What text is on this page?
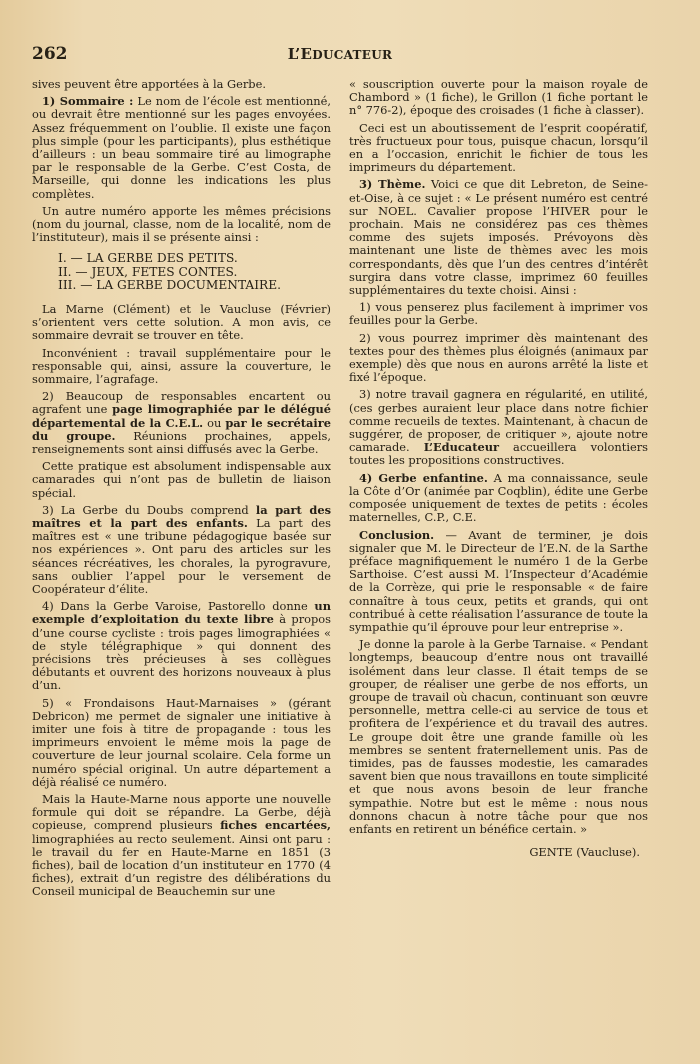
262	L’EDUCATEUR

sives peuvent être apportées à la Gerbe.

1) Sommaire : Le nom de l’école est mentionné, ou devrait être mentionné sur les pages envoyées. Assez fréquemment on l’oublie. Il existe une façon plus simple (pour les participants), plus esthétique d’ailleurs : un beau sommaire tiré au limographe par le responsable de la Gerbe. C’est Costa, de Marseille, qui donne les indications les plus complètes.

Un autre numéro apporte les mêmes précisions (nom du journal, classe, nom de la localité, nom de l’instituteur), mais il se présente ainsi :

I. — LA GERBE DES PETITS.
II. — JEUX, FETES CONTES.
III. — LA GERBE DOCUMENTAIRE.

La Marne (Clément) et le Vaucluse (Février) s’orientent vers cette solution. A mon avis, ce sommaire devrait se trouver en tête.

Inconvénient : travail supplémentaire pour le responsable qui, ainsi, assure la couverture, le sommaire, l’agrafage.

2) Beaucoup de responsables encartent ou agrafent une page limographiée par le délégué départemental de la C.E.L. ou par le secrétaire du groupe. Réunions prochaines, appels, renseignements sont ainsi diffusés avec la Gerbe.

Cette pratique est absolument indispensable aux camarades qui n’ont pas de bulletin de liaison spécial.

3) La Gerbe du Doubs comprend la part des maîtres et la part des enfants. La part des maîtres est « une tribune pédagogique basée sur nos expériences ». Ont paru des articles sur les séances récréatives, les chorales, la pyrogravure, sans oublier l’appel pour le versement de Coopérateur d’élite.

4) Dans la Gerbe Varoise, Pastorello donne un exemple d’exploitation du texte libre à propos d’une course cycliste : trois pages limographiées « de style télégraphique » qui donnent des précisions très précieuses à ses collègues débutants et ouvrent des horizons nouveaux à plus d’un.

5) « Frondaisons Haut-Marnaises » (gérant Debricon) me permet de signaler une initiative à imiter une fois à titre de propagande : tous les imprimeurs envoient le même mois la page de couverture de leur journal scolaire. Cela forme un numéro spécial original. Un autre département a déjà réalisé ce numéro.

Mais la Haute-Marne nous apporte une nouvelle formule qui doit se répandre. La Gerbe, déjà copieuse, comprend plusieurs fiches encartées, limographiées au recto seulement. Ainsi ont paru : le travail du fer en Haute-Marne en 1851 (3 fiches), bail de location d’un instituteur en 1770 (4 fiches), extrait d’un registre des délibérations du Conseil municipal de Beauchemin sur une

« souscription ouverte pour la maison royale de Chambord » (1 fiche), le Grillon (1 fiche portant le n° 776-2), époque des croisades (1 fiche à classer).

Ceci est un aboutissement de l’esprit coopératif, très fructueux pour tous, puisque chacun, lorsqu’il en a l’occasion, enrichit le fichier de tous les imprimeurs du département.

3) Thème. Voici ce que dit Lebreton, de Seine-et-Oise, à ce sujet : « Le présent numéro est centré sur NOEL. Cavalier propose l’HIVER pour le prochain. Mais ne considérez pas ces thèmes comme des sujets imposés. Prévoyons dès maintenant une liste de thèmes avec les mois correspondants, dès que l’un des centres d’intérêt surgira dans votre classe, imprimez 60 feuilles supplémentaires du texte choisi. Ainsi :

1) vous penserez plus facilement à imprimer vos feuilles pour la Gerbe.

2) vous pourrez imprimer dès maintenant des textes pour des thèmes plus éloignés (animaux par exemple) dès que nous en aurons arrêté la liste et fixé l’époque.

3) notre travail gagnera en régularité, en utilité, (ces gerbes auraient leur place dans notre fichier comme recueils de textes. Maintenant, à chacun de suggérer, de proposer, de critiquer », ajoute notre camarade. L’Educateur accueillera volontiers toutes les propositions constructives.

4) Gerbe enfantine. A ma connaissance, seule la Côte d’Or (animée par Coqblin), édite une Gerbe composée uniquement de textes de petits : écoles maternelles, C.P., C.E.

Conclusion. — Avant de terminer, je dois signaler que M. le Directeur de l’E.N. de la Sarthe préface magnifiquement le numéro 1 de la Gerbe Sarthoise. C’est aussi M. l’Inspecteur d’Académie de la Corrèze, qui prie le responsable « de faire connaître à tous ceux, petits et grands, qui ont contribué à cette réalisation l’assurance de toute la sympathie qu’il éprouve pour leur entreprise ».

Je donne la parole à la Gerbe Tarnaise. « Pendant longtemps, beaucoup d’entre nous ont travaillé isolément dans leur classe. Il était temps de se grouper, de réaliser une gerbe de nos efforts, un groupe de travail où chacun, continuant son œuvre personnelle, mettra celle-ci au service de tous et profitera de l’expérience et du travail des autres. Le groupe doit être une grande famille où les membres se sentent fraternellement unis. Pas de timides, pas de fausses modestie, les camarades savent bien que nous travaillons en toute simplicité et que nous avons besoin de leur franche sympathie. Notre but est le même : nous nous donnons chacun à notre tâche pour que nos enfants en retirent un bénéfice certain. »

GENTE (Vaucluse).
